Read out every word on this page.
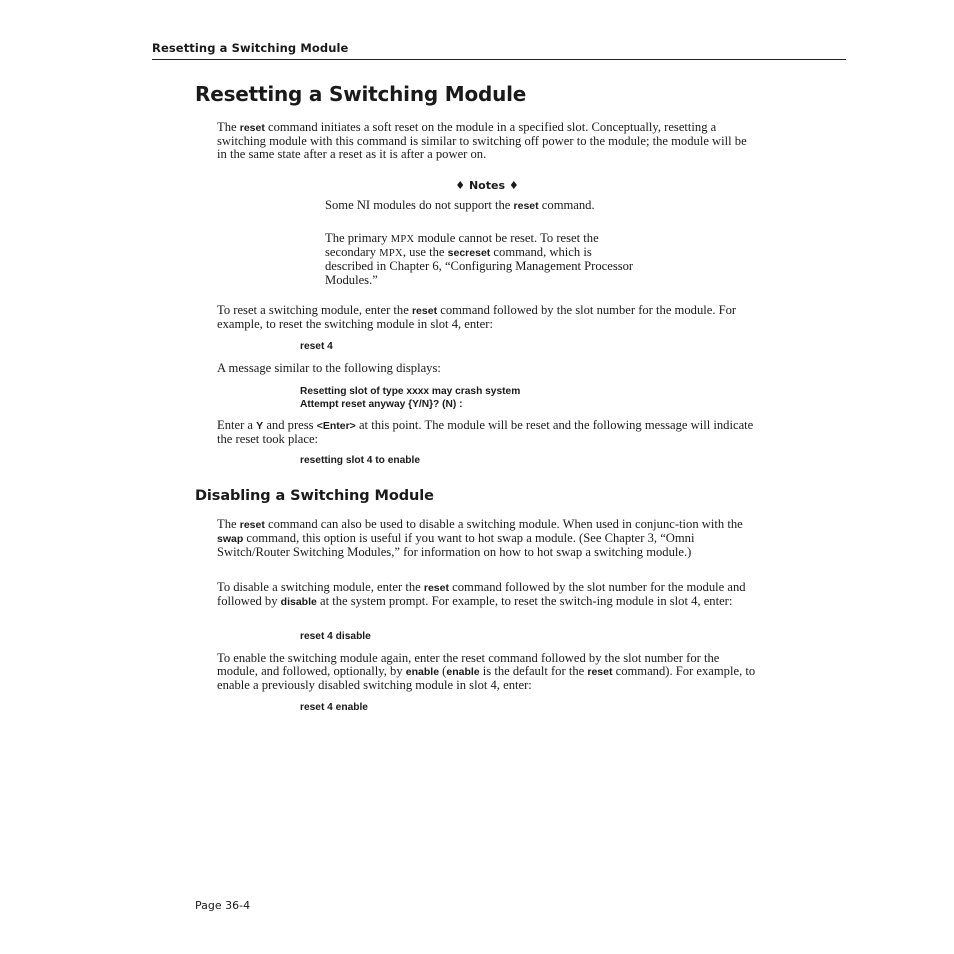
Resetting a Switching Module
Resetting a Switching Module

The reset command initiates a soft reset on the module in a specified slot. Conceptually, resetting a switching module with this command is similar to switching off power to the module; the module will be in the same state after a reset as it is after a power on.

♦ Notes ♦

Some NI modules do not support the reset command.

The primary MPX module cannot be reset. To reset the secondary MPX, use the secreset command, which is described in Chapter 6, “Configuring Management Processor Modules.”

To reset a switching module, enter the reset command followed by the slot number for the module. For example, to reset the switching module in slot 4, enter:

reset 4

A message similar to the following displays:

Resetting slot of type xxxx may crash system
Attempt reset anyway {Y/N}? (N) :

Enter a Y and press <Enter> at this point. The module will be reset and the following message will indicate the reset took place:

resetting slot 4 to enable
Disabling a Switching Module

The reset command can also be used to disable a switching module. When used in conjunc-tion with the swap command, this option is useful if you want to hot swap a module. (See Chapter 3, “Omni Switch/Router Switching Modules,” for information on how to hot swap a switching module.)

To disable a switching module, enter the reset command followed by the slot number for the module and followed by disable at the system prompt. For example, to reset the switch-ing module in slot 4, enter:

reset 4 disable

To enable the switching module again, enter the reset command followed by the slot number for the module, and followed, optionally, by enable (enable is the default for the reset command). For example, to enable a previously disabled switching module in slot 4, enter:

reset 4 enable
Page 36-4
